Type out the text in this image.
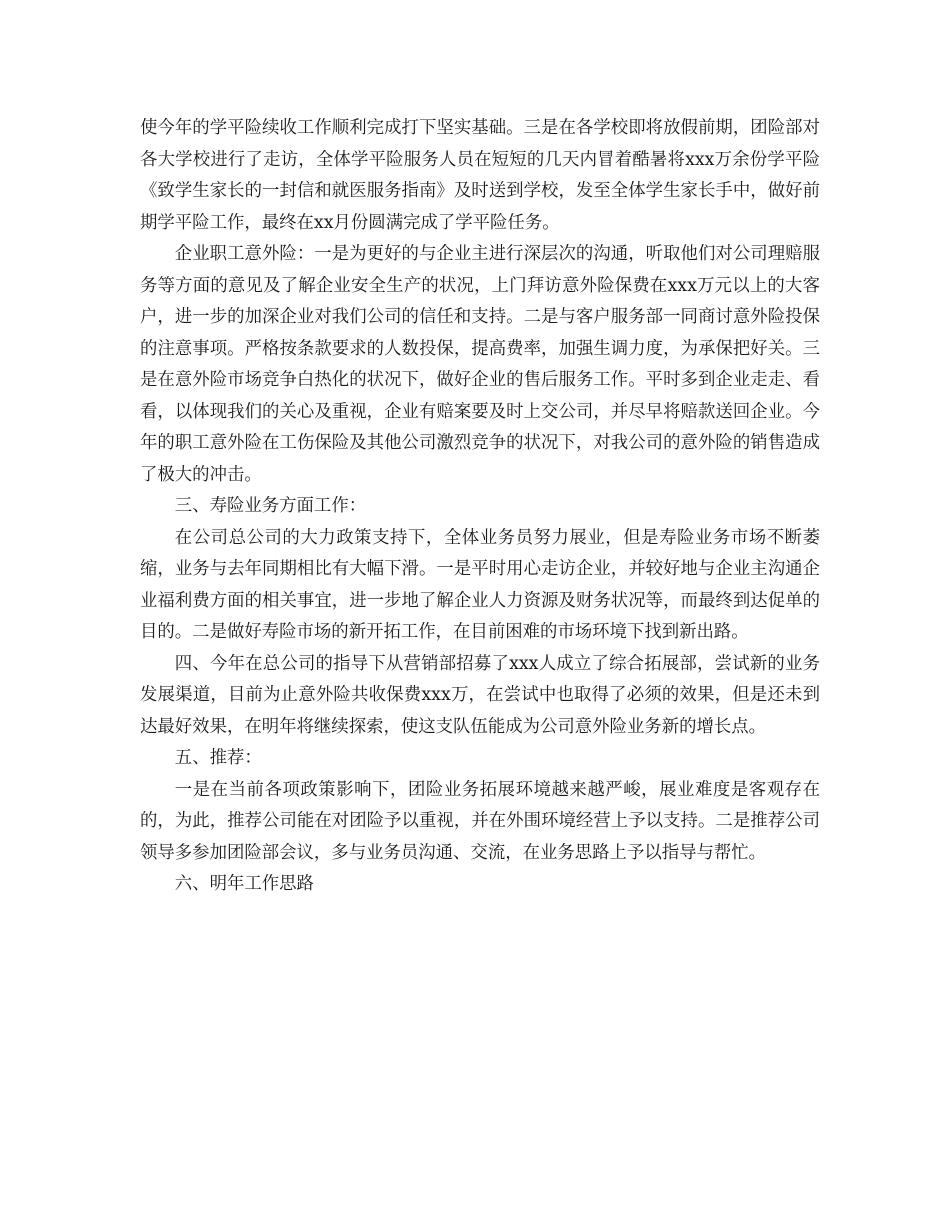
使今年的学平险续收工作顺利完成打下坚实基础。三是在各学校即将放假前期，团险部对各大学校进行了走访，全体学平险服务人员在短短的几天内冒着酷暑将xxx万余份学平险《致学生家长的一封信和就医服务指南》及时送到学校，发至全体学生家长手中，做好前期学平险工作，最终在xx月份圆满完成了学平险任务。

企业职工意外险：一是为更好的与企业主进行深层次的沟通，听取他们对公司理赔服务等方面的意见及了解企业安全生产的状况，上门拜访意外险保费在xxx万元以上的大客户，进一步的加深企业对我们公司的信任和支持。二是与客户服务部一同商讨意外险投保的注意事项。严格按条款要求的人数投保，提高费率，加强生调力度，为承保把好关。三是在意外险市场竞争白热化的状况下，做好企业的售后服务工作。平时多到企业走走、看看，以体现我们的关心及重视，企业有赔案要及时上交公司，并尽早将赔款送回企业。今年的职工意外险在工伤保险及其他公司激烈竞争的状况下，对我公司的意外险的销售造成了极大的冲击。

三、寿险业务方面工作：

在公司总公司的大力政策支持下，全体业务员努力展业，但是寿险业务市场不断萎缩，业务与去年同期相比有大幅下滑。一是平时用心走访企业，并较好地与企业主沟通企业福利费方面的相关事宜，进一步地了解企业人力资源及财务状况等，而最终到达促单的目的。二是做好寿险市场的新开拓工作，在目前困难的市场环境下找到新出路。

四、今年在总公司的指导下从营销部招募了xxx人成立了综合拓展部，尝试新的业务发展渠道，目前为止意外险共收保费xxx万，在尝试中也取得了必须的效果，但是还未到达最好效果，在明年将继续探索，使这支队伍能成为公司意外险业务新的增长点。

五、推荐：

一是在当前各项政策影响下，团险业务拓展环境越来越严峻，展业难度是客观存在的，为此，推荐公司能在对团险予以重视，并在外围环境经营上予以支持。二是推荐公司领导多参加团险部会议，多与业务员沟通、交流，在业务思路上予以指导与帮忙。

六、明年工作思路
